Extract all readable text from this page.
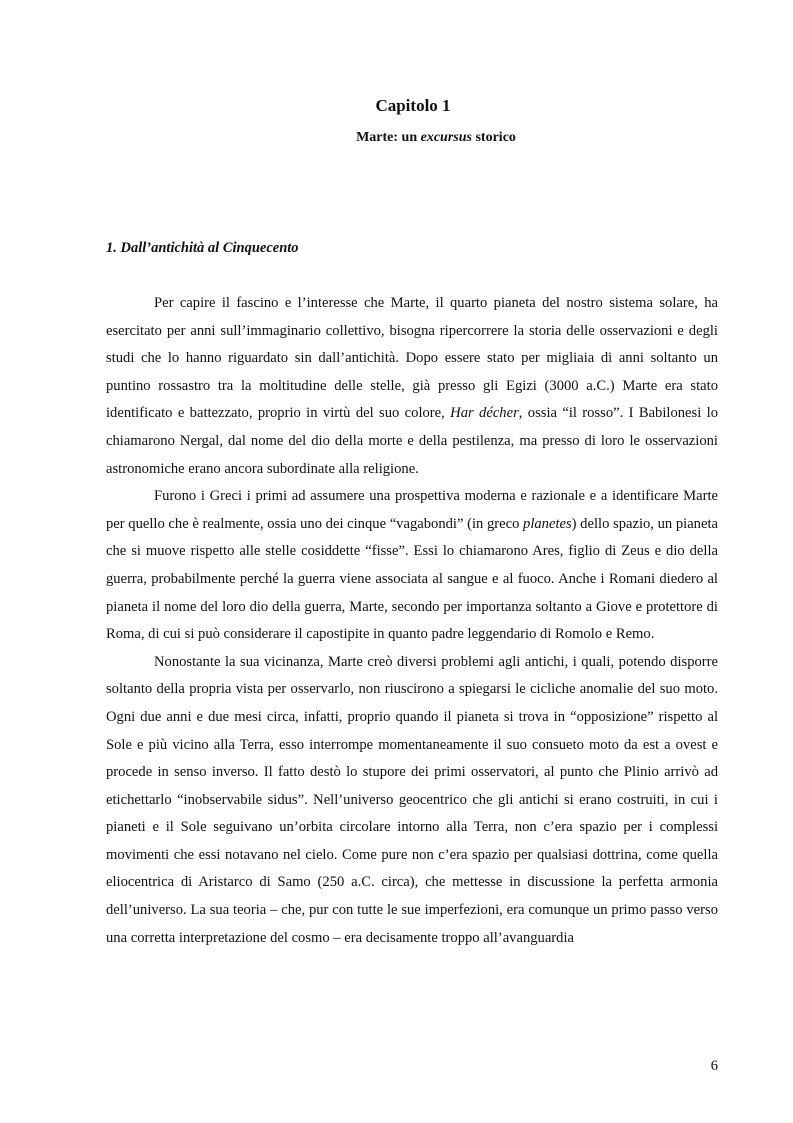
Capitolo 1
Marte: un excursus storico
1. Dall’antichità al Cinquecento

Per capire il fascino e l’interesse che Marte, il quarto pianeta del nostro sistema solare, ha esercitato per anni sull’immaginario collettivo, bisogna ripercorrere la storia delle osservazioni e degli studi che lo hanno riguardato sin dall’antichità. Dopo essere stato per migliaia di anni soltanto un puntino rossastro tra la moltitudine delle stelle, già presso gli Egizi (3000 a.C.) Marte era stato identificato e battezzato, proprio in virtù del suo colore, Har décher, ossia “il rosso”. I Babilonesi lo chiamarono Nergal, dal nome del dio della morte e della pestilenza, ma presso di loro le osservazioni astronomiche erano ancora subordinate alla religione.

Furono i Greci i primi ad assumere una prospettiva moderna e razionale e a identificare Marte per quello che è realmente, ossia uno dei cinque “vagabondi” (in greco planetes) dello spazio, un pianeta che si muove rispetto alle stelle cosiddette “fisse”. Essi lo chiamarono Ares, figlio di Zeus e dio della guerra, probabilmente perché la guerra viene associata al sangue e al fuoco. Anche i Romani diedero al pianeta il nome del loro dio della guerra, Marte, secondo per importanza soltanto a Giove e protettore di Roma, di cui si può considerare il capostipite in quanto padre leggendario di Romolo e Remo.

Nonostante la sua vicinanza, Marte creò diversi problemi agli antichi, i quali, potendo disporre soltanto della propria vista per osservarlo, non riuscirono a spiegarsi le cicliche anomalie del suo moto. Ogni due anni e due mesi circa, infatti, proprio quando il pianeta si trova in “opposizione” rispetto al Sole e più vicino alla Terra, esso interrompe momentaneamente il suo consueto moto da est a ovest e procede in senso inverso. Il fatto destò lo stupore dei primi osservatori, al punto che Plinio arrivò ad etichettarlo “inobservabile sidus”. Nell’universo geocentrico che gli antichi si erano costruiti, in cui i pianeti e il Sole seguivano un’orbita circolare intorno alla Terra, non c’era spazio per i complessi movimenti che essi notavano nel cielo. Come pure non c’era spazio per qualsiasi dottrina, come quella eliocentrica di Aristarco di Samo (250 a.C. circa), che mettesse in discussione la perfetta armonia dell’universo. La sua teoria – che, pur con tutte le sue imperfezioni, era comunque un primo passo verso una corretta interpretazione del cosmo – era decisamente troppo all’avanguardia

6
